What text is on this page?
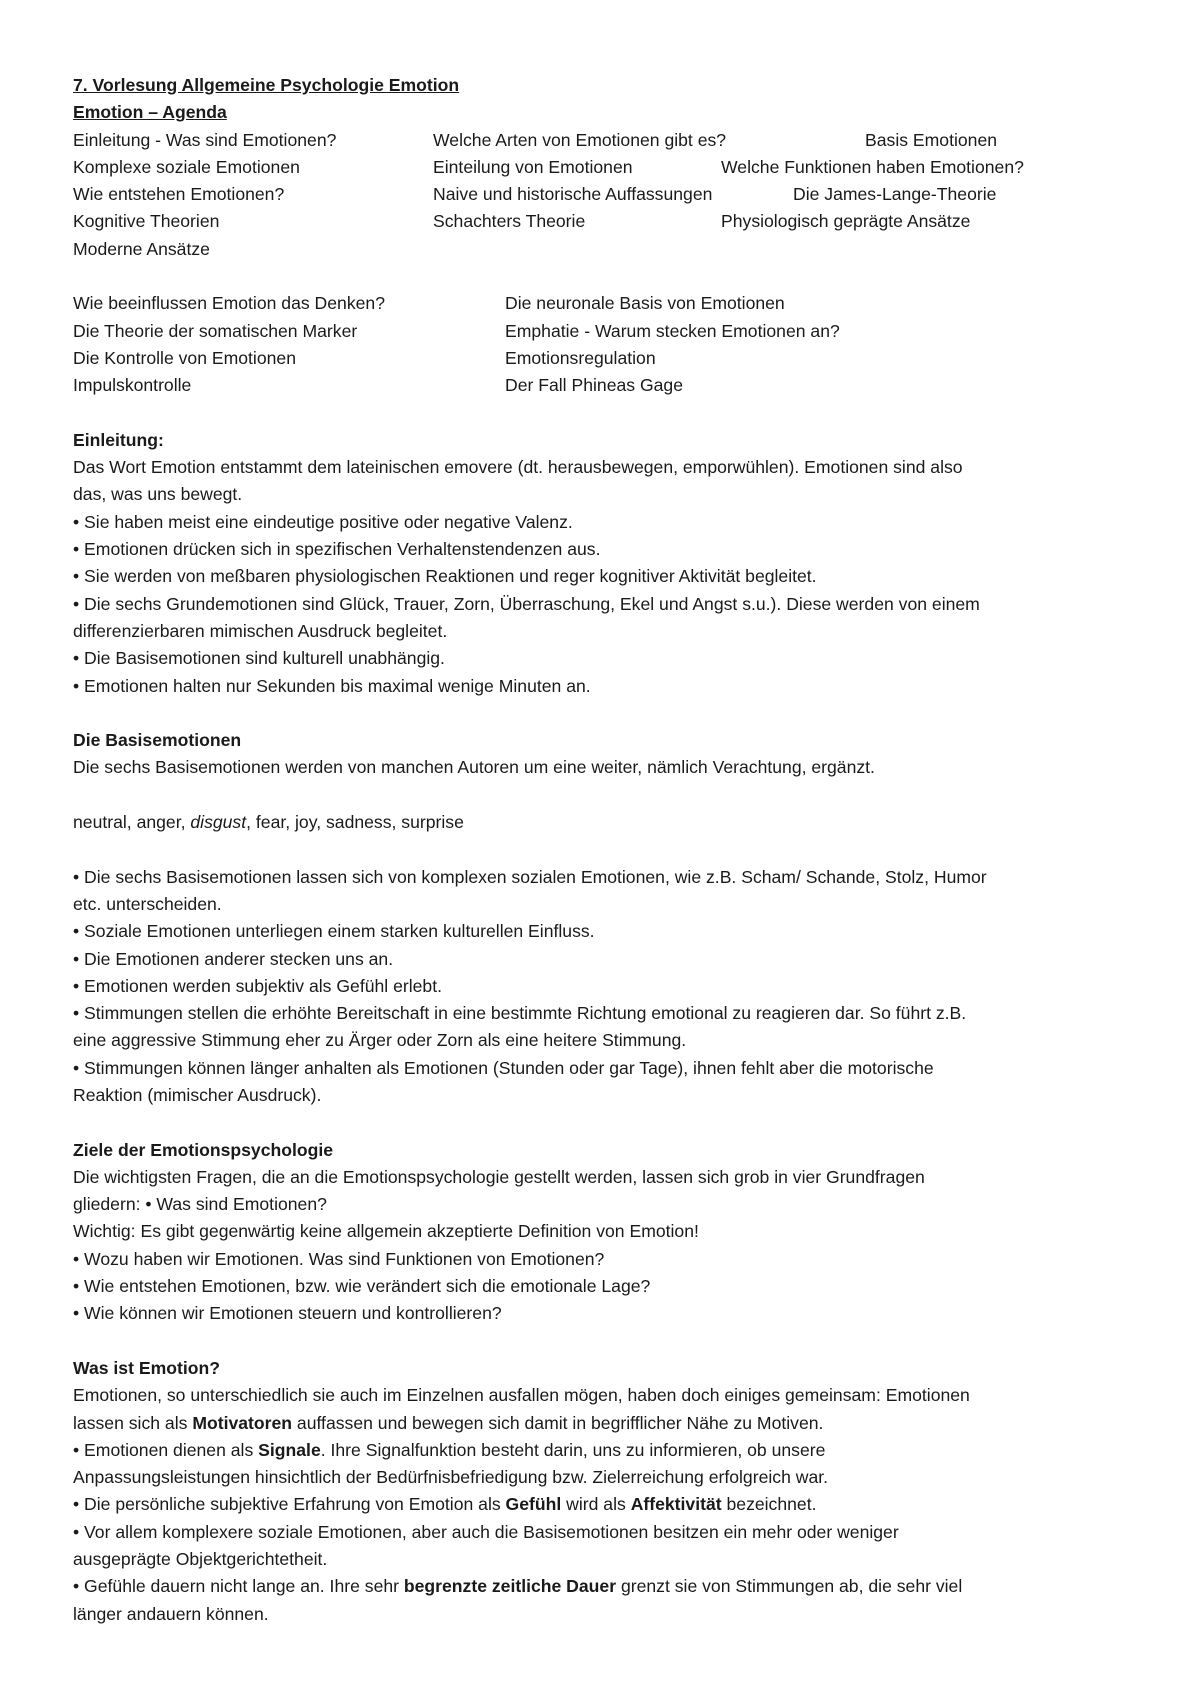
7. Vorlesung Allgemeine Psychologie Emotion
Emotion – Agenda
Einleitung - Was sind Emotionen?	Welche Arten von Emotionen gibt es?	Basis Emotionen
Komplexe soziale Emotionen	Einteilung von Emotionen	Welche Funktionen haben Emotionen?
Wie entstehen Emotionen?	Naive und historische Auffassungen	Die James-Lange-Theorie
Kognitive Theorien	Schachters Theorie	Physiologisch geprägte Ansätze
Moderne Ansätze
Wie beeinflussen Emotion das Denken?	Die neuronale Basis von Emotionen
Die Theorie der somatischen Marker	Emphatie - Warum stecken Emotionen an?
Die Kontrolle von Emotionen	Emotionsregulation
Impulskontrolle	Der Fall Phineas Gage
Einleitung:
Das Wort Emotion entstammt dem lateinischen emovere (dt. herausbewegen, emporwühlen). Emotionen sind also
das, was uns bewegt.
• Sie haben meist eine eindeutige positive oder negative Valenz.
• Emotionen drücken sich in spezifischen Verhaltenstendenzen aus.
• Sie werden von meßbaren physiologischen Reaktionen und reger kognitiver Aktivität begleitet.
• Die sechs Grundemotionen sind Glück, Trauer, Zorn, Überraschung, Ekel und Angst s.u.). Diese werden von einem
differenzierbaren mimischen Ausdruck begleitet.
• Die Basisemotionen sind kulturell unabhängig.
• Emotionen halten nur Sekunden bis maximal wenige Minuten an.
Die Basisemotionen
Die sechs Basisemotionen werden von manchen Autoren um eine weiter, nämlich Verachtung, ergänzt.
neutral, anger, disgust, fear, joy, sadness, surprise
• Die sechs Basisemotionen lassen sich von komplexen sozialen Emotionen, wie z.B. Scham/ Schande, Stolz, Humor
etc. unterscheiden.
• Soziale Emotionen unterliegen einem starken kulturellen Einfluss.
• Die Emotionen anderer stecken uns an.
• Emotionen werden subjektiv als Gefühl erlebt.
• Stimmungen stellen die erhöhte Bereitschaft in eine bestimmte Richtung emotional zu reagieren dar. So führt z.B.
eine aggressive Stimmung eher zu Ärger oder Zorn als eine heitere Stimmung.
• Stimmungen können länger anhalten als Emotionen (Stunden oder gar Tage), ihnen fehlt aber die motorische
Reaktion (mimischer Ausdruck).
Ziele der Emotionspsychologie
Die wichtigsten Fragen, die an die Emotionspsychologie gestellt werden, lassen sich grob in vier Grundfragen
gliedern: • Was sind Emotionen?
Wichtig: Es gibt gegenwärtig keine allgemein akzeptierte Definition von Emotion!
• Wozu haben wir Emotionen. Was sind Funktionen von Emotionen?
• Wie entstehen Emotionen, bzw. wie verändert sich die emotionale Lage?
• Wie können wir Emotionen steuern und kontrollieren?
Was ist Emotion?
Emotionen, so unterschiedlich sie auch im Einzelnen ausfallen mögen, haben doch einiges gemeinsam: Emotionen
lassen sich als Motivatoren auffassen und bewegen sich damit in begrifflicher Nähe zu Motiven.
• Emotionen dienen als Signale. Ihre Signalfunktion besteht darin, uns zu informieren, ob unsere
Anpassungsleistungen hinsichtlich der Bedürfnisbefriedigung bzw. Zielerreichung erfolgreich war.
• Die persönliche subjektive Erfahrung von Emotion als Gefühl wird als Affektivität bezeichnet.
• Vor allem komplexere soziale Emotionen, aber auch die Basisemotionen besitzen ein mehr oder weniger
ausgeprägte Objektgerichtetheit.
• Gefühle dauern nicht lange an. Ihre sehr begrenzte zeitliche Dauer grenzt sie von Stimmungen ab, die sehr viel
länger andauern können.
